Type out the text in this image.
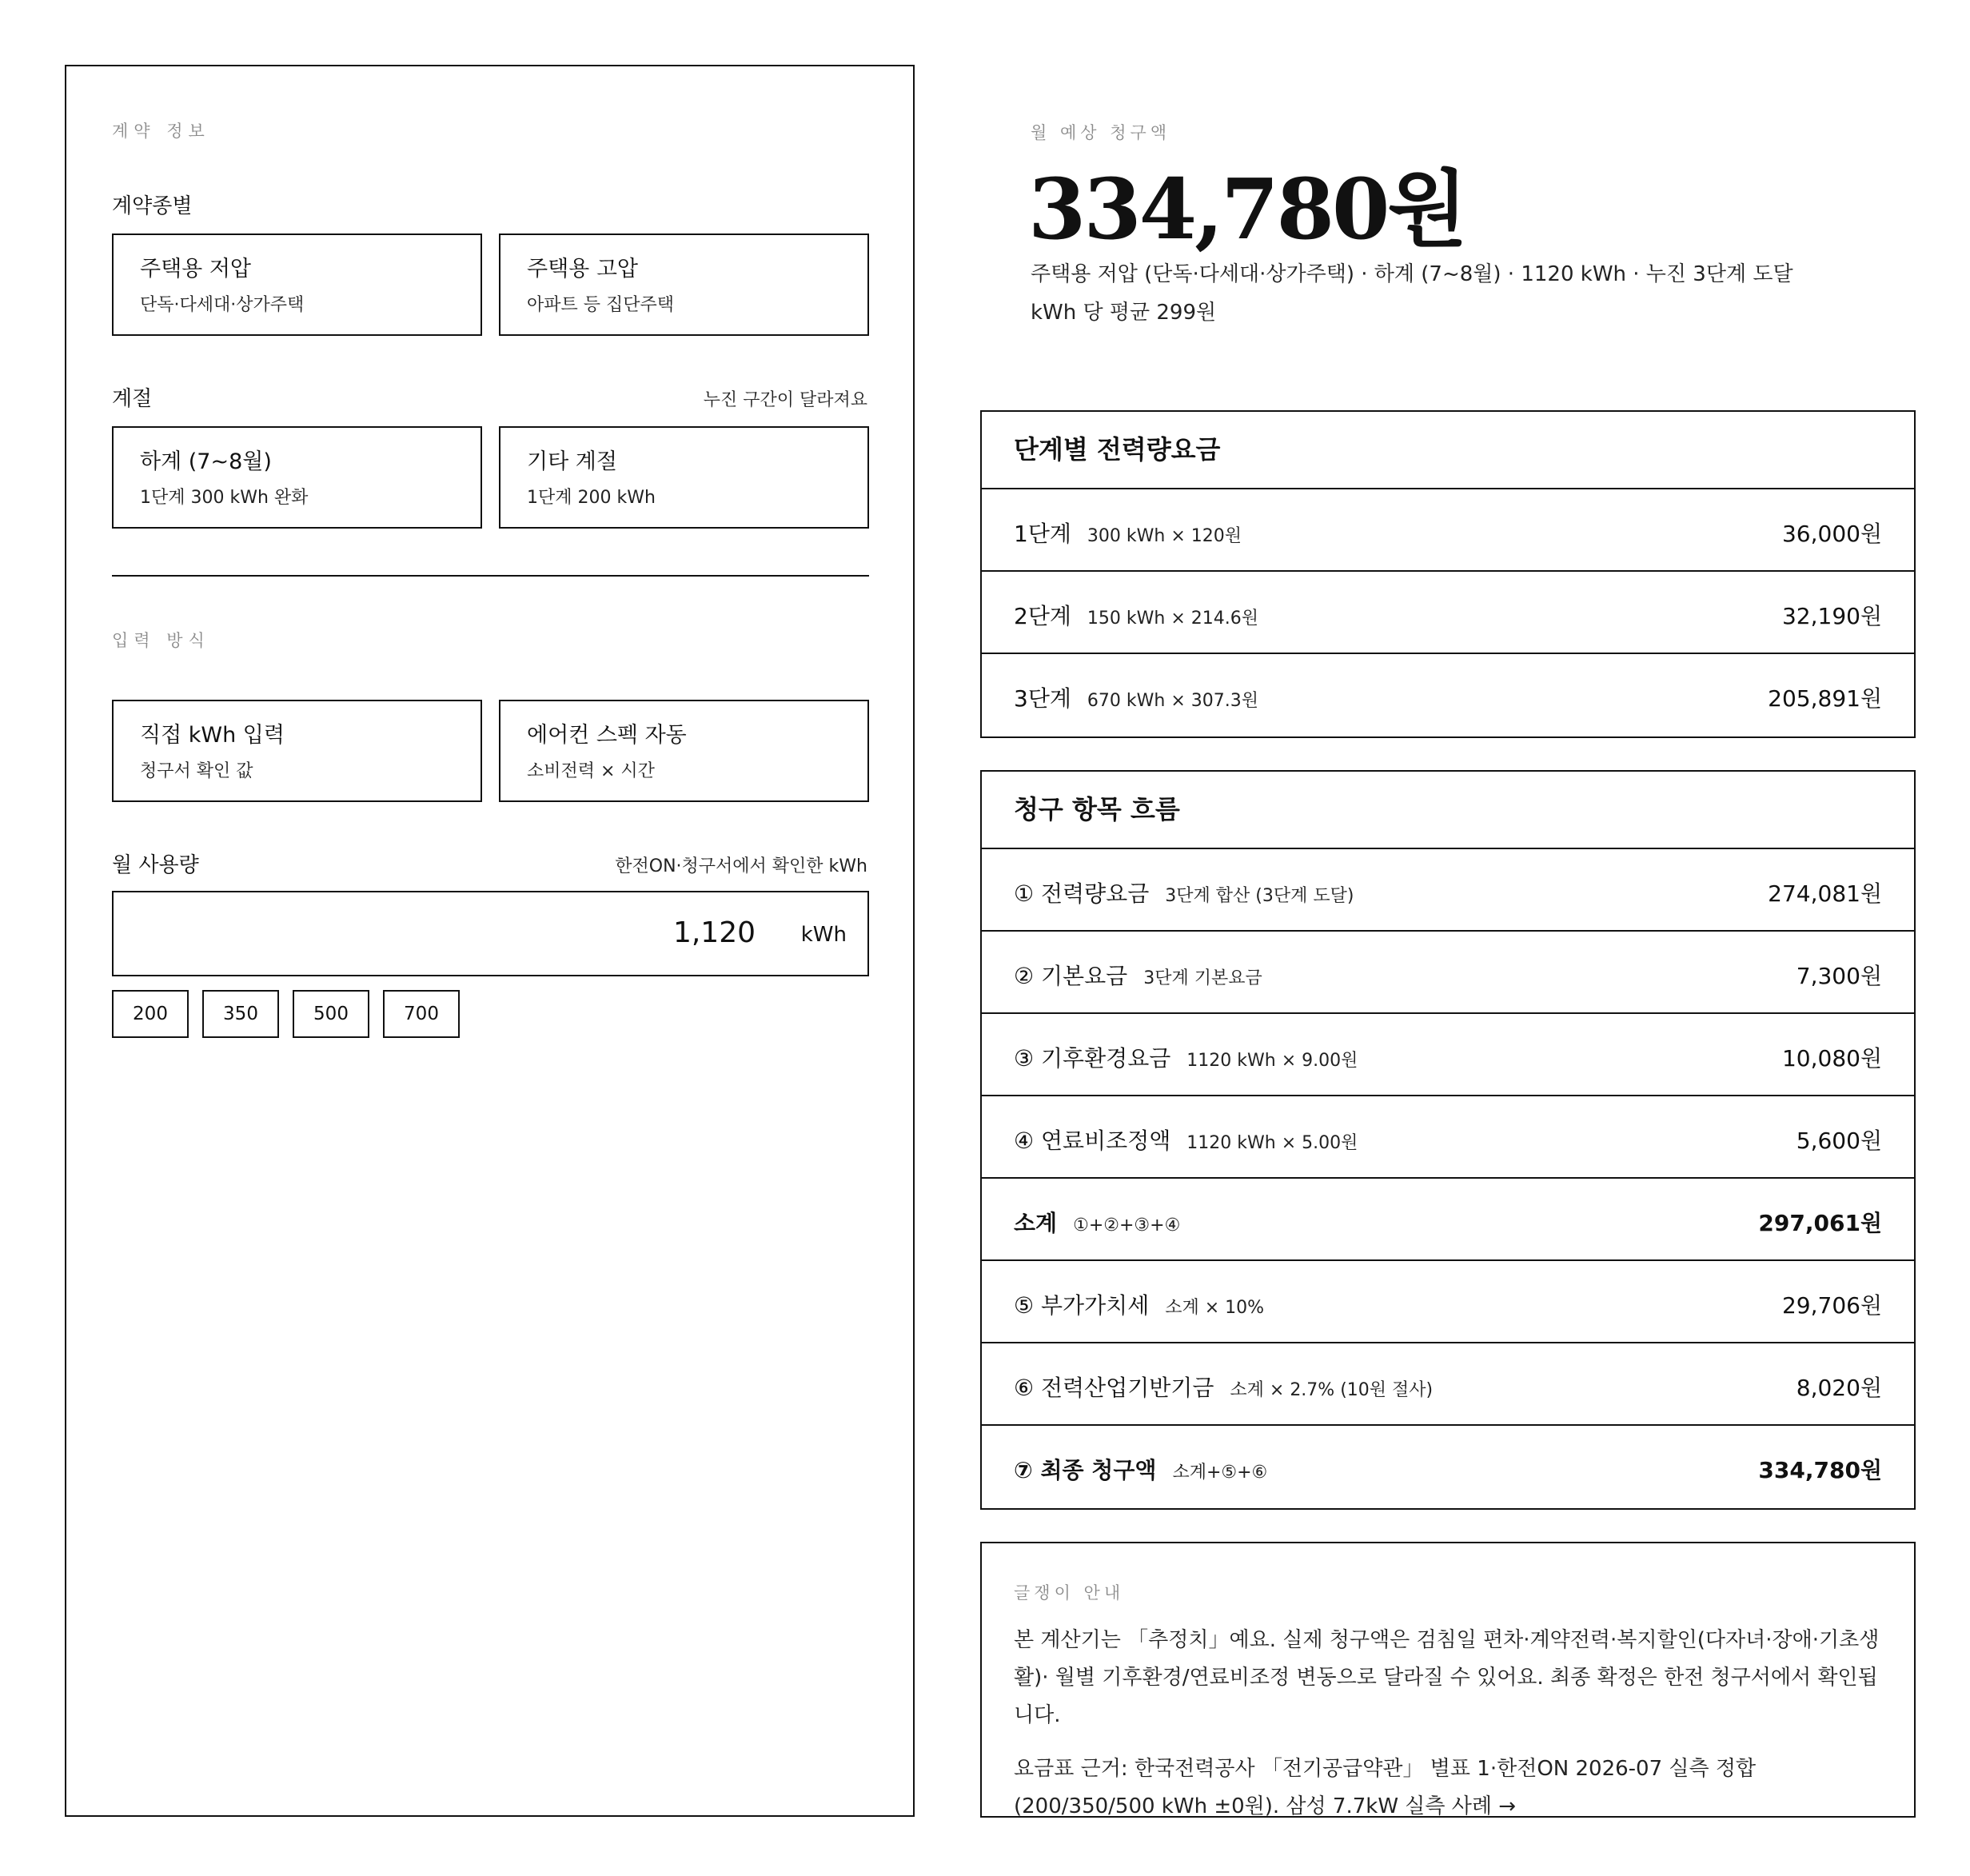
계약 정보
계약종별
주택용 저압
단독·다세대·상가주택
주택용 고압
아파트 등 집단주택
계절	누진 구간이 달라져요
하계 (7~8월)
1단계 300 kWh 완화
기타 계절
1단계 200 kWh
입력 방식
직접 kWh 입력
청구서 확인 값
에어컨 스펙 자동
소비전력 × 시간
월 사용량	한전ON·청구서에서 확인한 kWh
1,120 kWh
200	350	500	700
월 예상 청구액
334,780원
주택용 저압 (단독·다세대·상가주택) · 하계 (7~8월) · 1120 kWh · 누진 3단계 도달
kWh 당 평균 299원
단계별 전력량요금
1단계 300 kWh × 120원	36,000원
2단계 150 kWh × 214.6원	32,190원
3단계 670 kWh × 307.3원	205,891원
청구 항목 흐름
① 전력량요금 3단계 합산 (3단계 도달)	274,081원
② 기본요금 3단계 기본요금	7,300원
③ 기후환경요금 1120 kWh × 9.00원	10,080원
④ 연료비조정액 1120 kWh × 5.00원	5,600원
소계 ①+②+③+④	297,061원
⑤ 부가가치세 소계 × 10%	29,706원
⑥ 전력산업기반기금 소계 × 2.7% (10원 절사)	8,020원
⑦ 최종 청구액 소계+⑤+⑥	334,780원
글쟁이 안내

본 계산기는 「추정치」예요. 실제 청구액은 검침일 편차·계약전력·복지할인(다자녀·장애·기초생활)· 월별 기후환경/연료비조정 변동으로 달라질 수 있어요. 최종 확정은 한전 청구서에서 확인됩니다.

요금표 근거: 한국전력공사 「전기공급약관」 별표 1·한전ON 2026-07 실측 정합 (200/350/500 kWh ±0원). 삼성 7.7kW 실측 사례 →
